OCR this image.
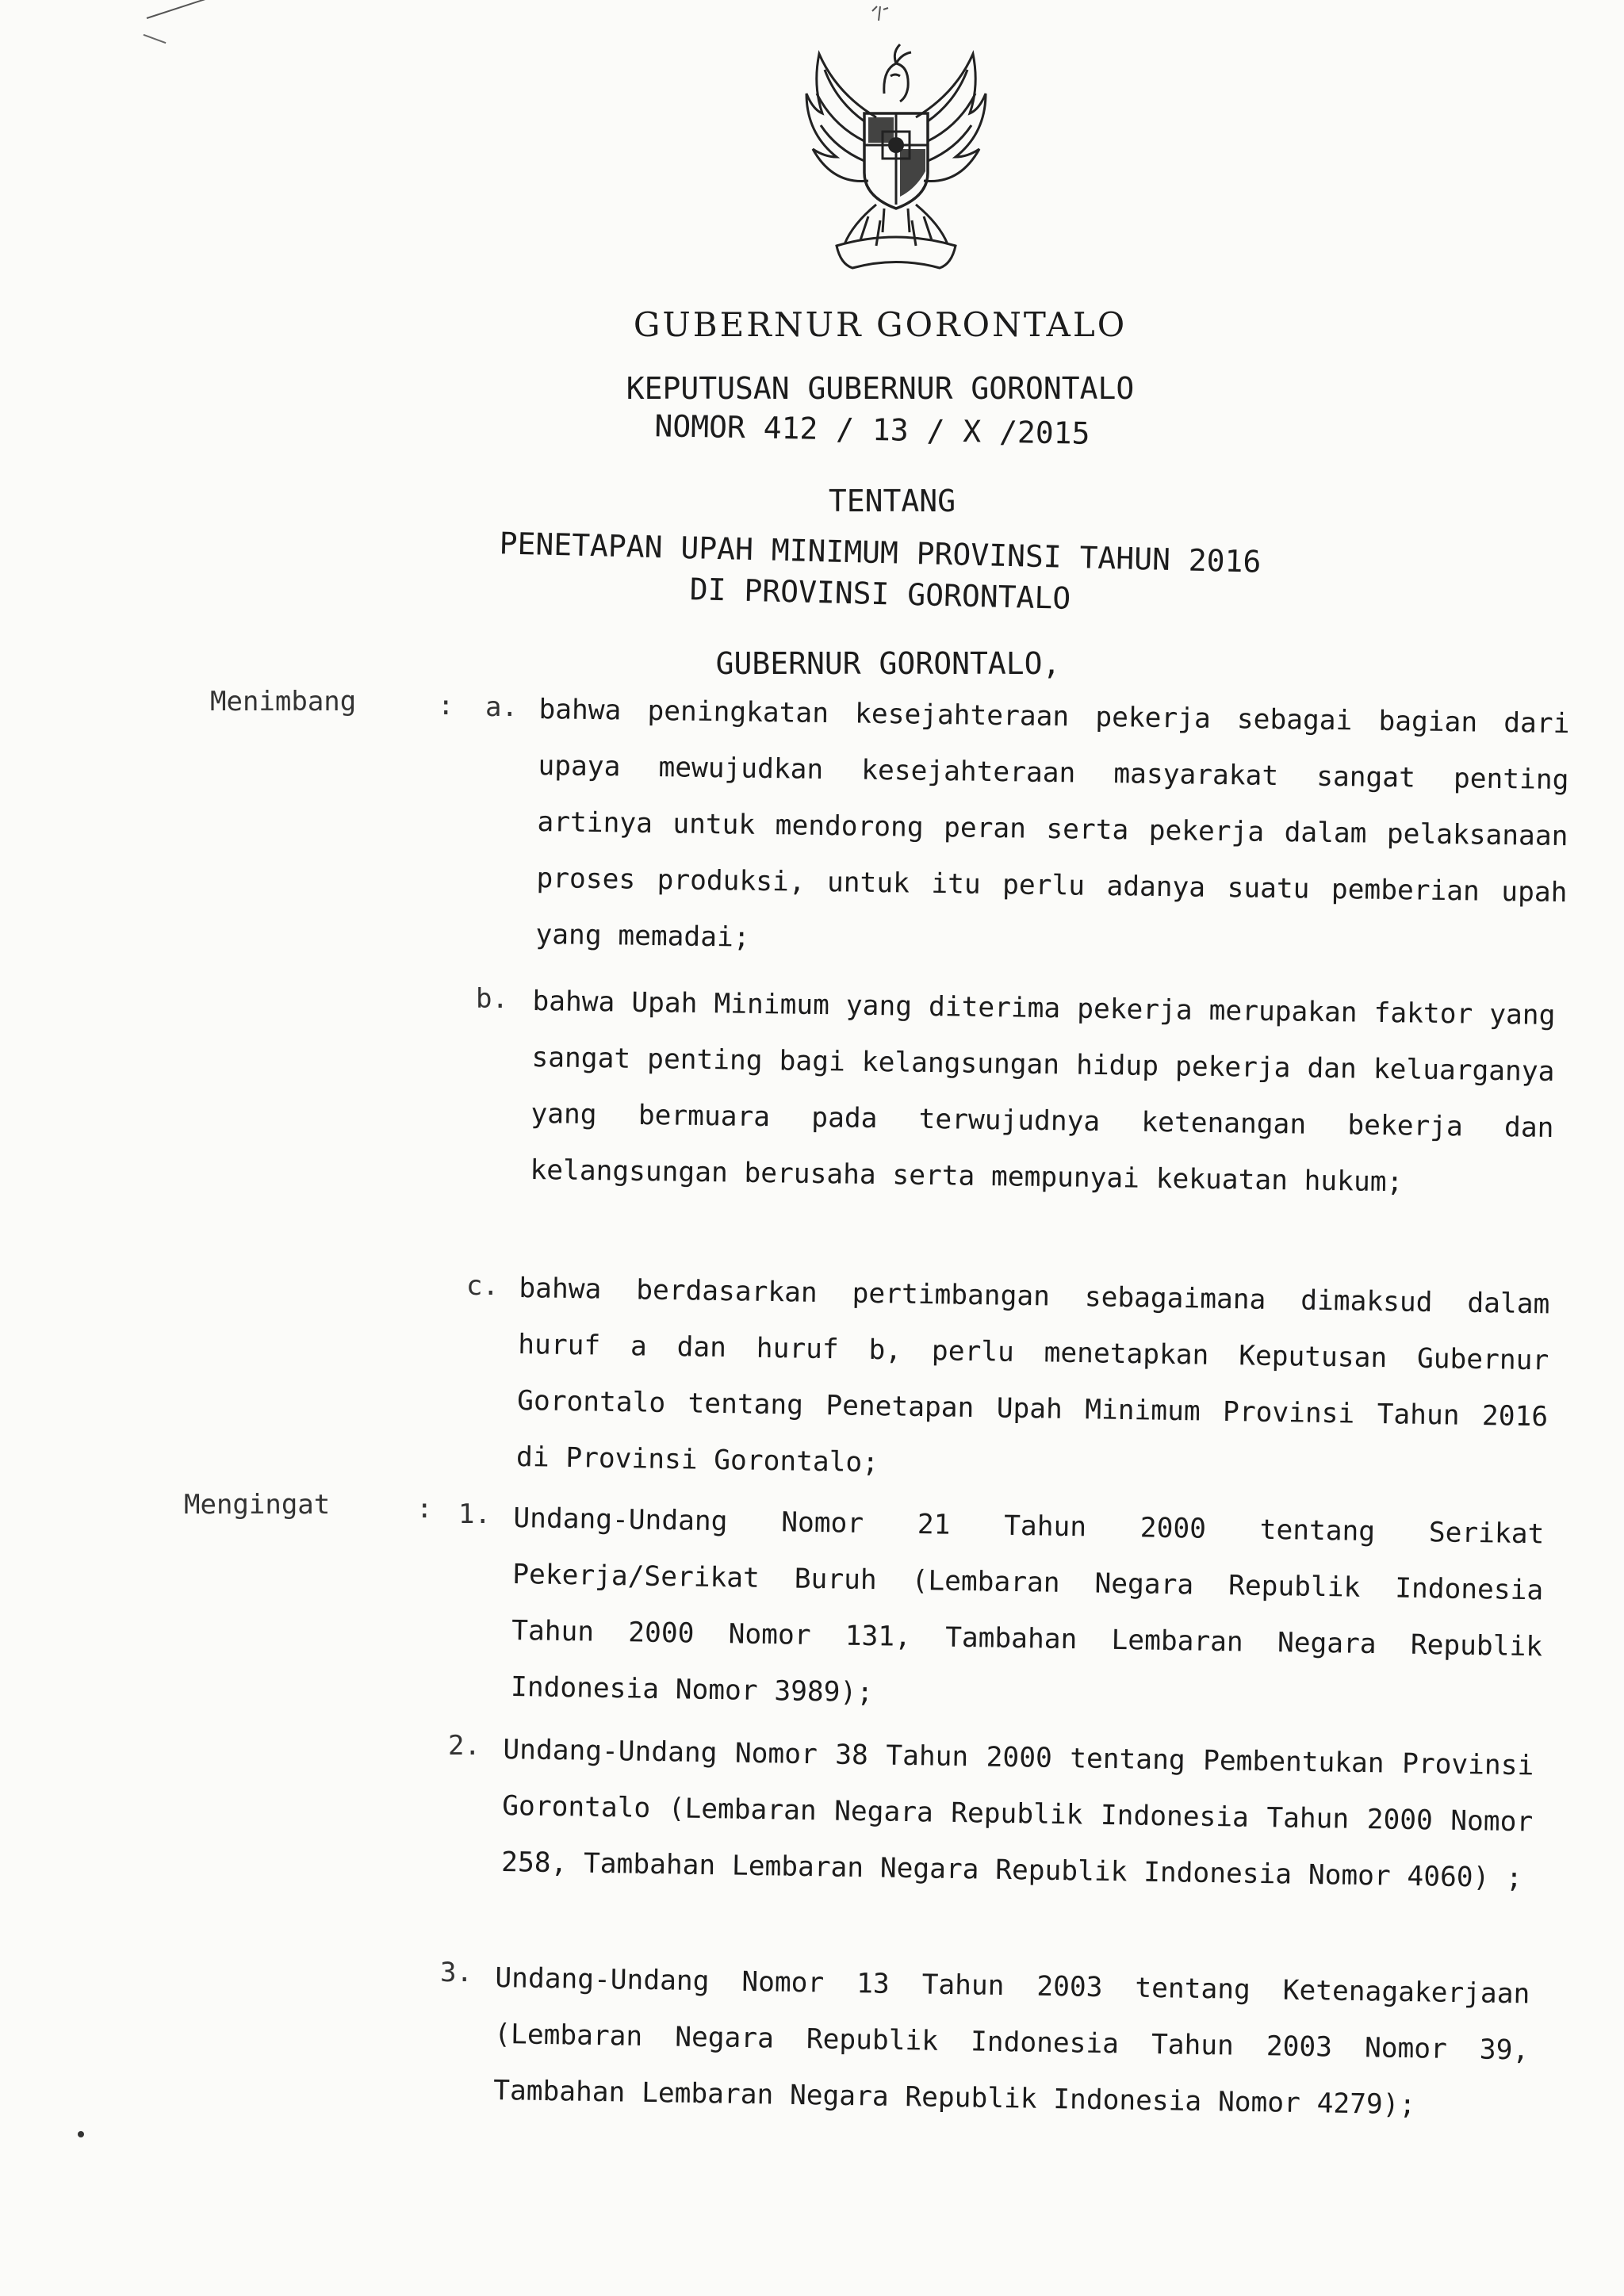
GUBERNUR GORONTALO
KEPUTUSAN GUBERNUR GORONTALO
NOMOR 412 / 13 / X /2015
TENTANG
PENETAPAN UPAH MINIMUM PROVINSI TAHUN 2016
DI PROVINSI GORONTALO
GUBERNUR GORONTALO,
Menimbang	: a. bahwa peningkatan kesejahteraan pekerja sebagai bagian dari upaya mewujudkan kesejahteraan masyarakat sangat penting artinya untuk mendorong peran serta pekerja dalam pelaksanaan proses produksi, untuk itu perlu adanya suatu pemberian upah yang memadai;
b. bahwa Upah Minimum yang diterima pekerja merupakan faktor yang sangat penting bagi kelangsungan hidup pekerja dan keluarganya yang bermuara pada terwujudnya ketenangan bekerja dan kelangsungan berusaha serta mempunyai kekuatan hukum;
c. bahwa berdasarkan pertimbangan sebagaimana dimaksud dalam huruf a dan huruf b, perlu menetapkan Keputusan Gubernur Gorontalo tentang Penetapan Upah Minimum Provinsi Tahun 2016 di Provinsi Gorontalo;
Mengingat	: 1. Undang-Undang Nomor 21 Tahun 2000 tentang Serikat Pekerja/Serikat Buruh (Lembaran Negara Republik Indonesia Tahun 2000 Nomor 131, Tambahan Lembaran Negara Republik Indonesia Nomor 3989);
2. Undang-Undang Nomor 38 Tahun 2000 tentang Pembentukan Provinsi Gorontalo (Lembaran Negara Republik Indonesia Tahun 2000 Nomor 258, Tambahan Lembaran Negara Republik Indonesia Nomor 4060) ;
3. Undang-Undang Nomor 13 Tahun 2003 tentang Ketenagakerjaan (Lembaran Negara Republik Indonesia Tahun 2003 Nomor 39, Tambahan Lembaran Negara Republik Indonesia Nomor 4279);
